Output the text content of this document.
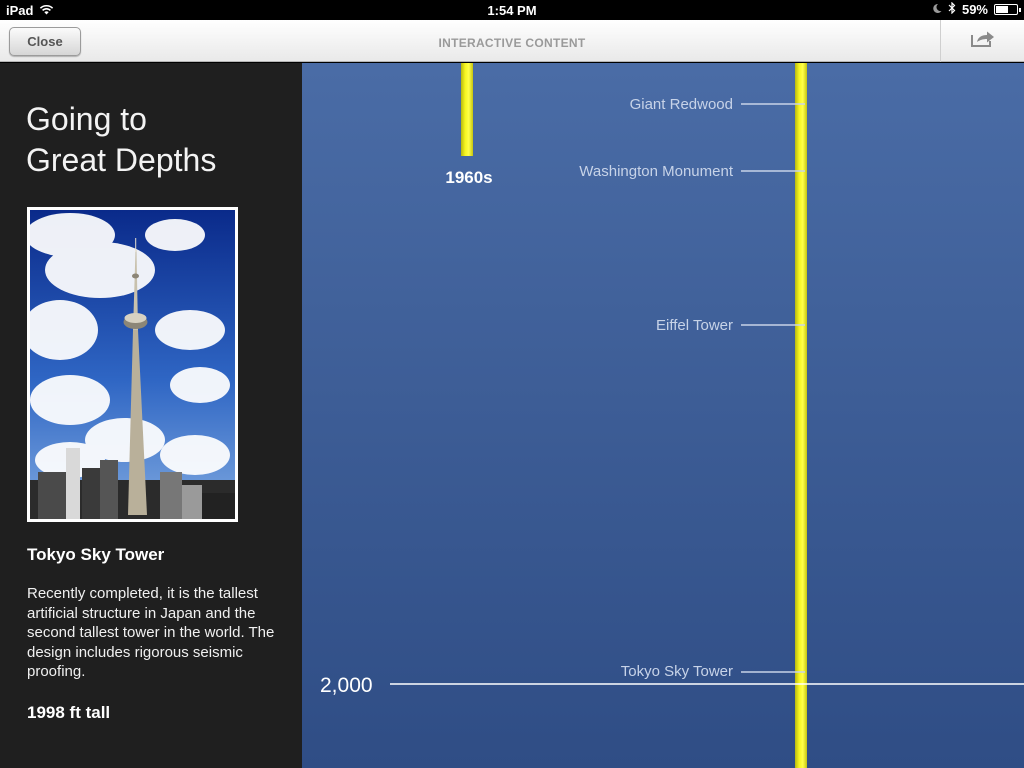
iPad	1:54 PM	59%
Close	INTERACTIVE CONTENT
Going to
Great Depths
Tokyo Sky Tower
Recently completed, it is the tallest artificial structure in Japan and the second tallest tower in the world. The design includes rigorous seismic proofing.
1998 ft tall
1960s
Giant Redwood
Washington Monument
Eiffel Tower
Tokyo Sky Tower
2,000
